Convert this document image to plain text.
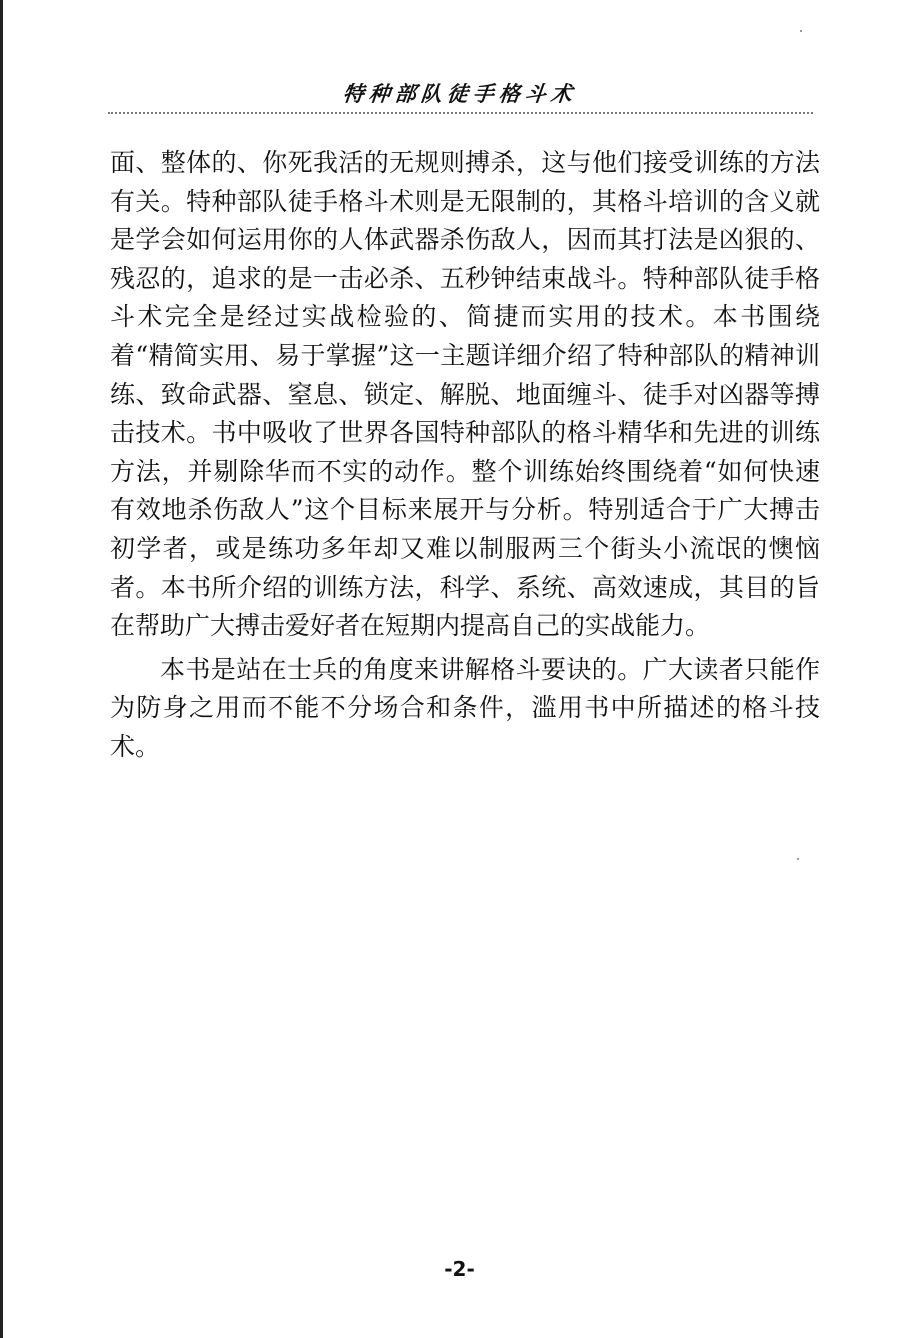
特种部队徒手格斗术

面、整体的、你死我活的无规则搏杀，这与他们接受训练的方法有关。特种部队徒手格斗术则是无限制的，其格斗培训的含义就是学会如何运用你的人体武器杀伤敌人，因而其打法是凶狠的、残忍的，追求的是一击必杀、五秒钟结束战斗。特种部队徒手格斗术完全是经过实战检验的、简捷而实用的技术。本书围绕着“精简实用、易于掌握”这一主题详细介绍了特种部队的精神训练、致命武器、窒息、锁定、解脱、地面缠斗、徒手对凶器等搏击技术。书中吸收了世界各国特种部队的格斗精华和先进的训练方法，并剔除华而不实的动作。整个训练始终围绕着“如何快速有效地杀伤敌人”这个目标来展开与分析。特别适合于广大搏击初学者，或是练功多年却又难以制服两三个街头小流氓的懊恼者。本书所介绍的训练方法，科学、系统、高效速成，其目的旨在帮助广大搏击爱好者在短期内提高自己的实战能力。

本书是站在士兵的角度来讲解格斗要诀的。广大读者只能作为防身之用而不能不分场合和条件，滥用书中所描述的格斗技术。

-2-
